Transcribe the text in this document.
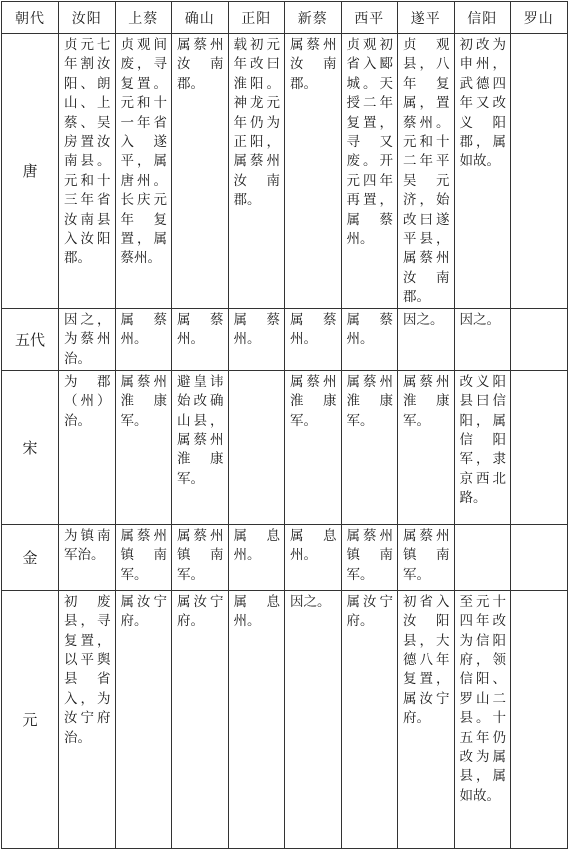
朝代	汝阳	上蔡	确山	正阳	新蔡	西平	遂平	信阳	罗山
唐	贞元七年割汝阳、朗山、上蔡、吴房置汝南县。元和十三年省汝南县入汝阳郡。	贞观间废，寻复置。元和十一年省入遂平，属唐州。长庆元年复置，属蔡州。	属蔡州汝南郡。	载初元年改曰淮阳。神龙元年仍为正阳，属蔡州汝南郡。	属蔡州汝南郡。	贞观初省入郾城。天授二年复置，寻又废。开元四年再置，属蔡州。	贞观县，八年复属，置蔡州。元和十二年平吴元济，始改曰遂平县，属蔡州汝南郡。	初改为申州，武德四年又改义阳郡，属如故。	
五代	因之，为蔡州治。	属蔡州。	属蔡州。	属蔡州。	属蔡州。	属蔡州。	因之。	因之。	
宋	为郡（州）治。	属蔡州淮康军。	避皇讳始改确山县，属蔡州淮康军。		属蔡州淮康军。	属蔡州淮康军。	属蔡州淮康军。	改义阳县曰信阳，属信阳军，隶京西北路。	
金	为镇南军治。	属蔡州镇南军。	属蔡州镇南军。	属息州。	属息州。	属蔡州镇南军。	属蔡州镇南军。		
元	初废县，寻复置，以平舆县省入，为汝宁府治。	属汝宁府。	属汝宁府。	属息州。	因之。	属汝宁府。	初省入汝阳县，大德八年复置，属汝宁府。	至元十四年改为信阳府，领信阳、罗山二县。十五年仍改为属县，属如故。	
